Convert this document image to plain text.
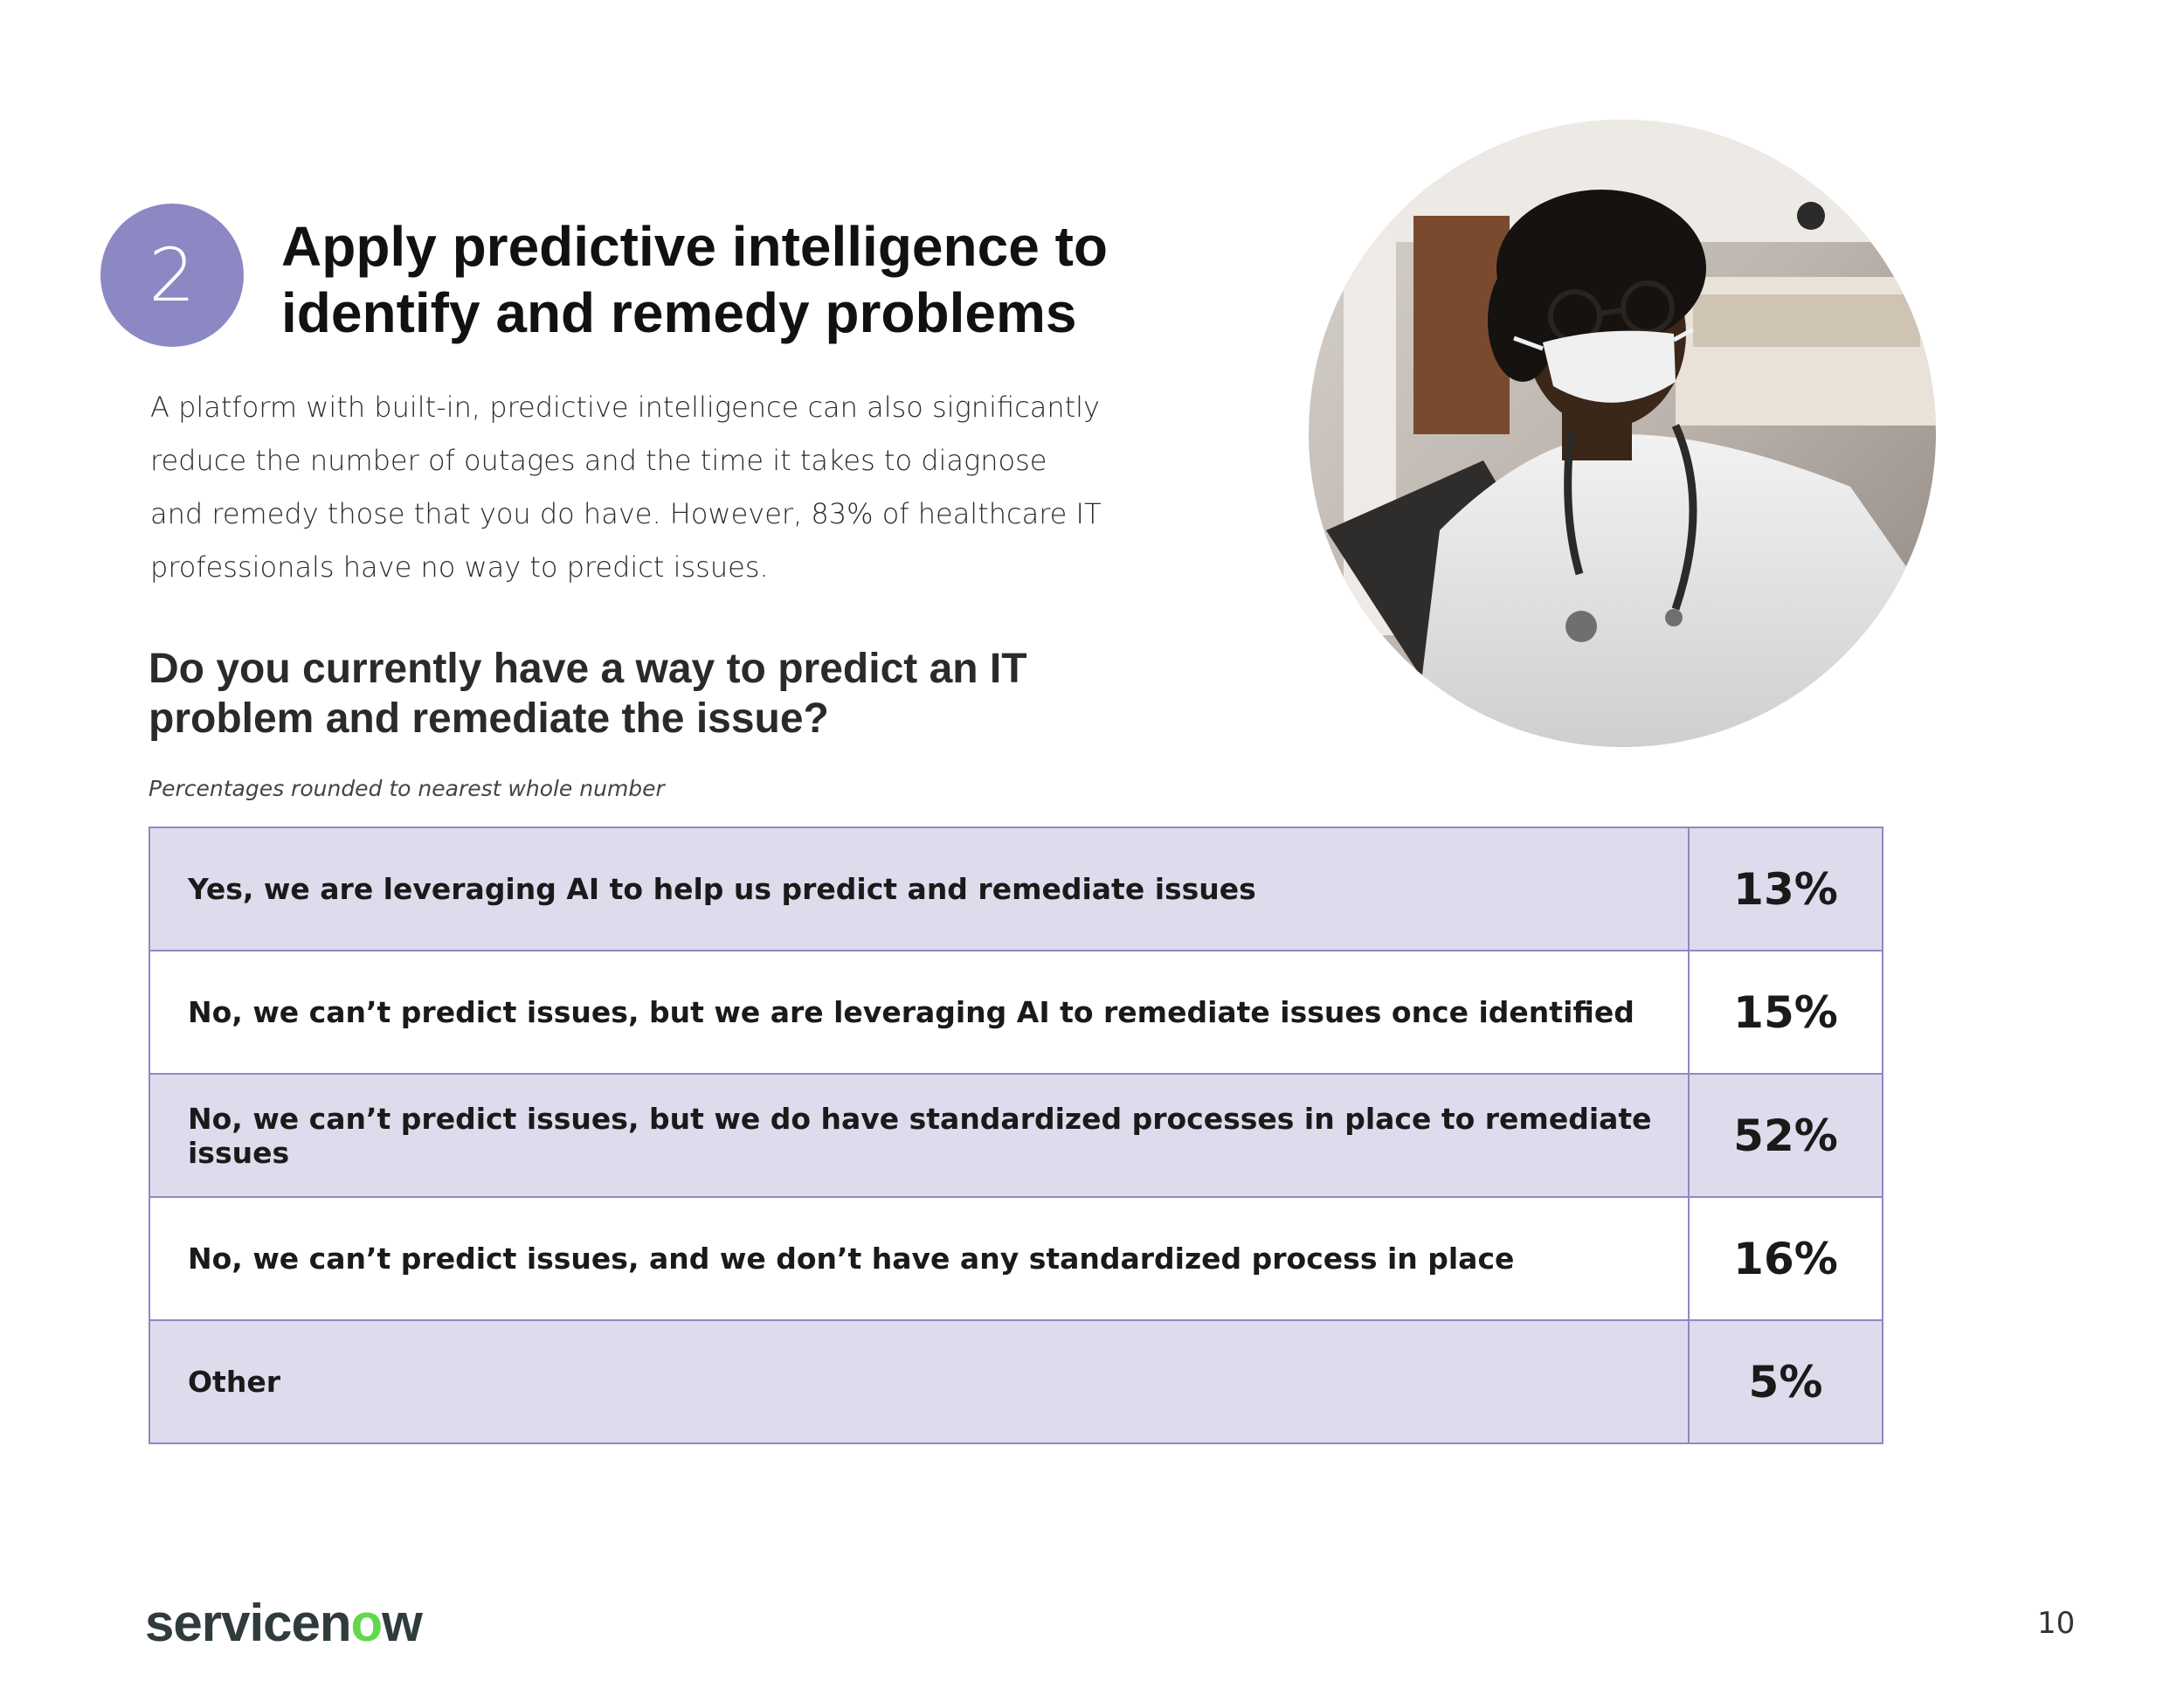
2	Apply predictive intelligence to identify and remedy problems

A platform with built-in, predictive intelligence can also significantly reduce the number of outages and the time it takes to diagnose and remedy those that you do have. However, 83% of healthcare IT professionals have no way to predict issues.

Do you currently have a way to predict an IT problem and remediate the issue?

Percentages rounded to nearest whole number

Yes, we are leveraging AI to help us predict and remediate issues	13%
No, we can’t predict issues, but we are leveraging AI to remediate issues once identified	15%
No, we can’t predict issues, but we do have standardized processes in place to remediate issues	52%
No, we can’t predict issues, and we don’t have any standardized process in place	16%
Other	5%
servicenow	10
